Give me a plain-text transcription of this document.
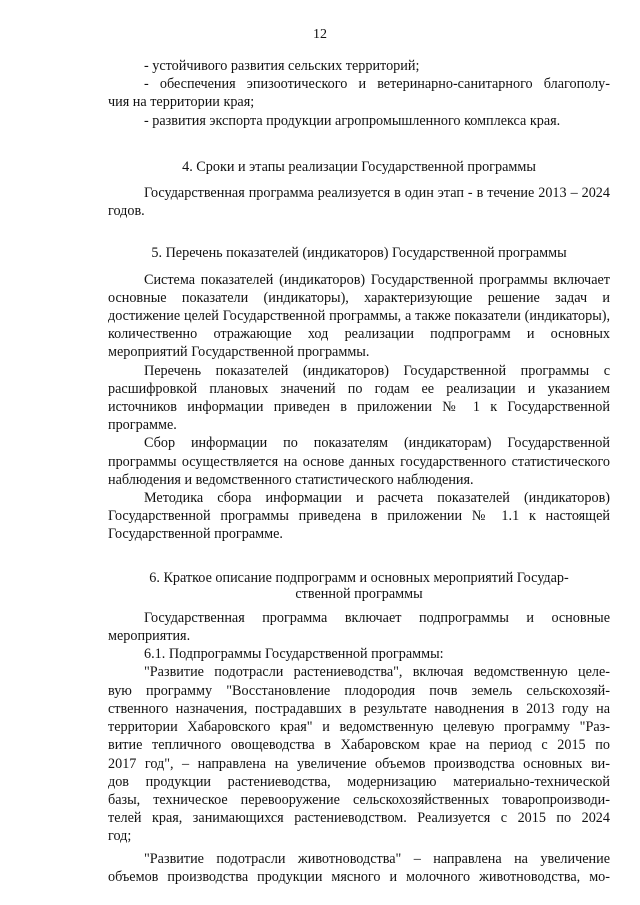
12
- устойчивого развития сельских территорий;
- обеспечения эпизоотического и ветеринарно-санитарного благополу-
чия на территории края;
- развития экспорта продукции агропромышленного комплекса края.
4. Сроки и этапы реализации Государственной программы

Государственная программа реализуется в один этап - в течение 2013 – 2024 годов.

5. Перечень показателей (индикаторов) Государственной программы

Система показателей (индикаторов) Государственной программы включает основные показатели (индикаторы), характеризующие решение задач и достижение целей Государственной программы, а также показатели (индикаторы), количественно отражающие ход реализации подпрограмм и основных мероприятий Государственной программы.

Перечень показателей (индикаторов) Государственной программы с расшифровкой плановых значений по годам ее реализации и указанием источников информации приведен в приложении № 1 к Государственной программе.

Сбор информации по показателям (индикаторам) Государственной программы осуществляется на основе данных государственного статистического наблюдения и ведомственного статистического наблюдения.

Методика сбора информации и расчета показателей (индикаторов) Государственной программы приведена в приложении № 1.1 к настоящей Государственной программе.

6. Краткое описание подпрограмм и основных мероприятий Государ-
ственной программы

Государственная программа включает подпрограммы и основные мероприятия.

6.1. Подпрограммы Государственной программы:

"Развитие подотрасли растениеводства", включая ведомственную целе-
вую программу "Восстановление плодородия почв земель сельскохозяй-
ственного назначения, пострадавших в результате наводнения в 2013 году на
территории Хабаровского края" и ведомственную целевую программу "Раз-
витие тепличного овощеводства в Хабаровском крае на период с 2015 по
2017 год", – направлена на увеличение объемов производства основных ви-
дов продукции растениеводства, модернизацию материально-технической
базы, техническое перевооружение сельскохозяйственных товаропроизводи-
телей края, занимающихся растениеводством. Реализуется с 2015 по 2024
год;
"Развитие подотрасли животноводства" – направлена на увеличение
объемов производства продукции мясного и молочного животноводства, мо-
